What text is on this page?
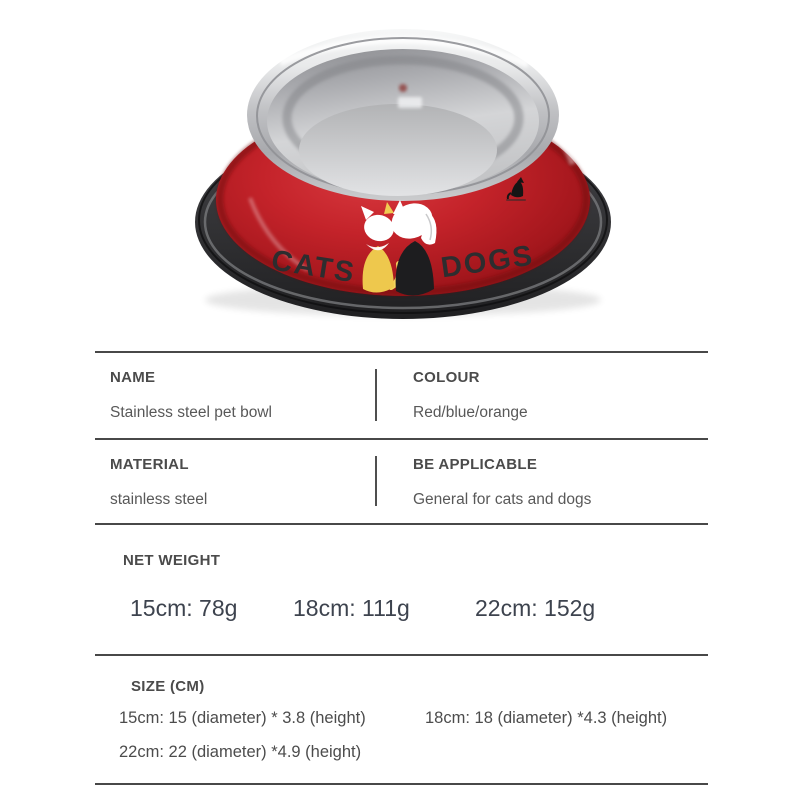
CATS	DOGS
NAME
Stainless steel pet bowl
COLOUR
Red/blue/orange
MATERIAL
stainless steel
BE APPLICABLE
General for cats and dogs
NET WEIGHT
15cm: 78g	18cm: 111g	22cm: 152g
SIZE (CM)
15cm: 15 (diameter) * 3.8 (height)	18cm: 18 (diameter) *4.3 (height)
22cm: 22 (diameter) *4.9 (height)
